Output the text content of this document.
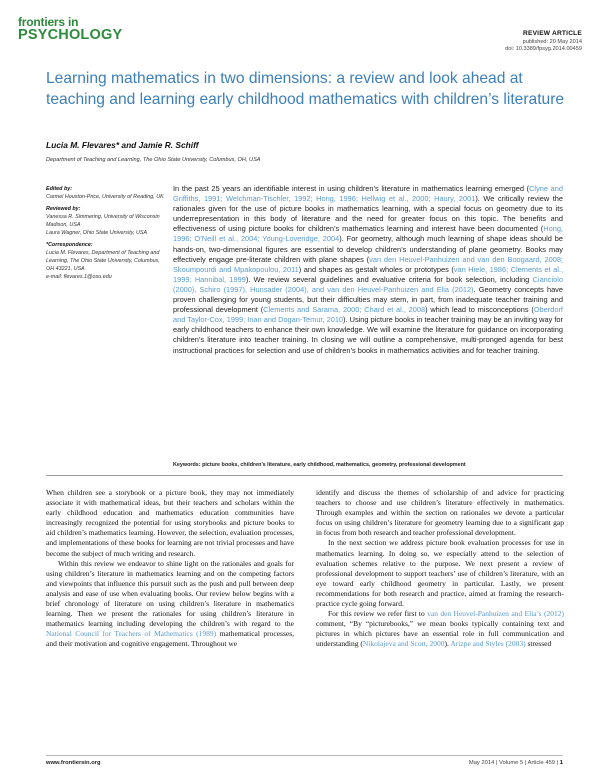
frontiers in
PSYCHOLOGY	REVIEW ARTICLE
published: 20 May 2014
doi: 10.3389/fpsyg.2014.00459
Learning mathematics in two dimensions: a review and look ahead at teaching and learning early childhood mathematics with children’s literature
Lucia M. Flevares* and Jamie R. Schiff
Department of Teaching and Learning, The Ohio State University, Columbus, OH, USA

Edited by:

Carmel Houston-Price, University of Reading, UK

Reviewed by:

Vanessa R. Simmering, University of Wisconsin Madison, USA

Laura Wagner, Ohio State University, USA

*Correspondence:

Lucia M. Flevares, Department of Teaching and Learning, The Ohio State University, Columbus, OH 43221, USA

e-mail: flevares.1@osu.edu

In the past 25 years an identifiable interest in using children’s literature in mathematics learning emerged (Clyne and Griffiths, 1991; Welchman-Tischler, 1992; Hong, 1996; Hellwig et al., 2000; Haury, 2001). We critically review the rationales given for the use of picture books in mathematics learning, with a special focus on geometry due to its underrepresentation in this body of literature and the need for greater focus on this topic. The benefits and effectiveness of using picture books for children’s mathematics learning and interest have been documented (Hong, 1996; O’Neill et al., 2004; Young-Loveridge, 2004). For geometry, although much learning of shape ideas should be hands-on, two-dimensional figures are essential to develop children’s understanding of plane geometry. Books may effectively engage pre-literate children with plane shapes (van den Heuvel-Panhuizen and van den Boogaard, 2008; Skoumpourdi and Mpakopoulou, 2011) and shapes as gestalt wholes or prototypes (van Hiele, 1986; Clements et al., 1999; Hannibal, 1999). We review several guidelines and evaluative criteria for book selection, including Cianciolo (2000), Schiro (1997), Hunsader (2004), and van den Heuvel-Panhuizen and Elia (2012). Geometry concepts have proven challenging for young students, but their difficulties may stem, in part, from inadequate teacher training and professional development (Clements and Sarama, 2000; Chard et al., 2008) which lead to misconceptions (Oberdorf and Taylor-Cox, 1999; Inan and Dogan-Temur, 2010). Using picture books in teacher training may be an inviting way for early childhood teachers to enhance their own knowledge. We will examine the literature for guidance on incorporating children’s literature into teacher training. In closing we will outline a comprehensive, multi-pronged agenda for best instructional practices for selection and use of children’s books in mathematics activities and for teacher training.
Keywords: picture books, children’s literature, early childhood, mathematics, geometry, professional development

When children see a storybook or a picture book, they may not immediately associate it with mathematical ideas, but their teachers and scholars within the early childhood education and mathematics education communities have increasingly recognized the potential for using storybooks and picture books to aid children’s mathematics learning. However, the selection, evaluation processes, and implementations of these books for learning are not trivial processes and have become the subject of much writing and research.

Within this review we endeavor to shine light on the rationales and goals for using children’s literature in mathematics learning and on the competing factors and viewpoints that influence this pursuit such as the push and pull between deep analysis and ease of use when evaluating books. Our review below begins with a brief chronology of literature on using children’s literature in mathematics learning. Then we present the rationales for using children’s literature in mathematics learning including developing the children’s with regard to the National Council for Teachers of Mathematics (1989) mathematical processes, and their motivation and cognitive engagement. Throughout we

identify and discuss the themes of scholarship of and advice for practicing teachers to choose and use children’s literature effectively in mathematics. Through examples and within the section on rationales we devote a particular focus on using children’s literature for geometry learning due to a significant gap in focus from both research and teacher professional development.

In the next section we address picture book evaluation processes for use in mathematics learning. In doing so, we especially attend to the selection of evaluation schemes relative to the purpose. We next present a review of professional development to support teachers’ use of children’s literature, with an eye toward early childhood geometry in particular. Lastly, we present recommendations for both research and practice, aimed at framing the research-practice cycle going forward.

For this review we refer first to van den Heuvel-Panhuizen and Elia’s (2012) comment, “By “picturebooks,” we mean books typically containing text and pictures in which pictures have an essential role in full communication and understanding (Nikolajeva and Scott, 2000). Arizpe and Styles (2003) stressed

www.frontiersin.org	May 2014 | Volume 5 | Article 459 | 1
